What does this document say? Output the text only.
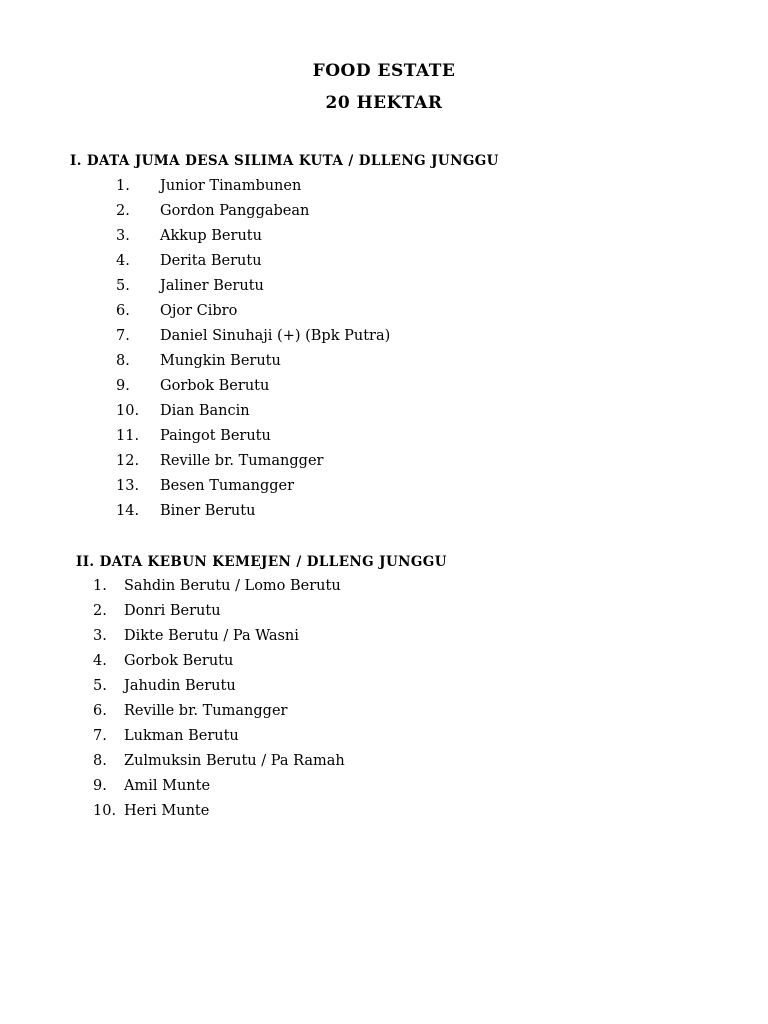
FOOD ESTATE
20 HEKTAR
I. DATA JUMA DESA SILIMA KUTA / DLLENG JUNGGU
1. Junior Tinambunen
2. Gordon Panggabean
3. Akkup Berutu
4. Derita Berutu
5. Jaliner Berutu
6. Ojor Cibro
7. Daniel Sinuhaji (+) (Bpk Putra)
8. Mungkin Berutu
9. Gorbok Berutu
10. Dian Bancin
11. Paingot Berutu
12. Reville br. Tumangger
13. Besen Tumangger
14. Biner Berutu
II. DATA KEBUN KEMEJEN / DLLENG JUNGGU
1. Sahdin Berutu / Lomo Berutu
2. Donri Berutu
3. Dikte Berutu / Pa Wasni
4. Gorbok Berutu
5. Jahudin Berutu
6. Reville br. Tumangger
7. Lukman Berutu
8. Zulmuksin Berutu / Pa Ramah
9. Amil Munte
10. Heri Munte
